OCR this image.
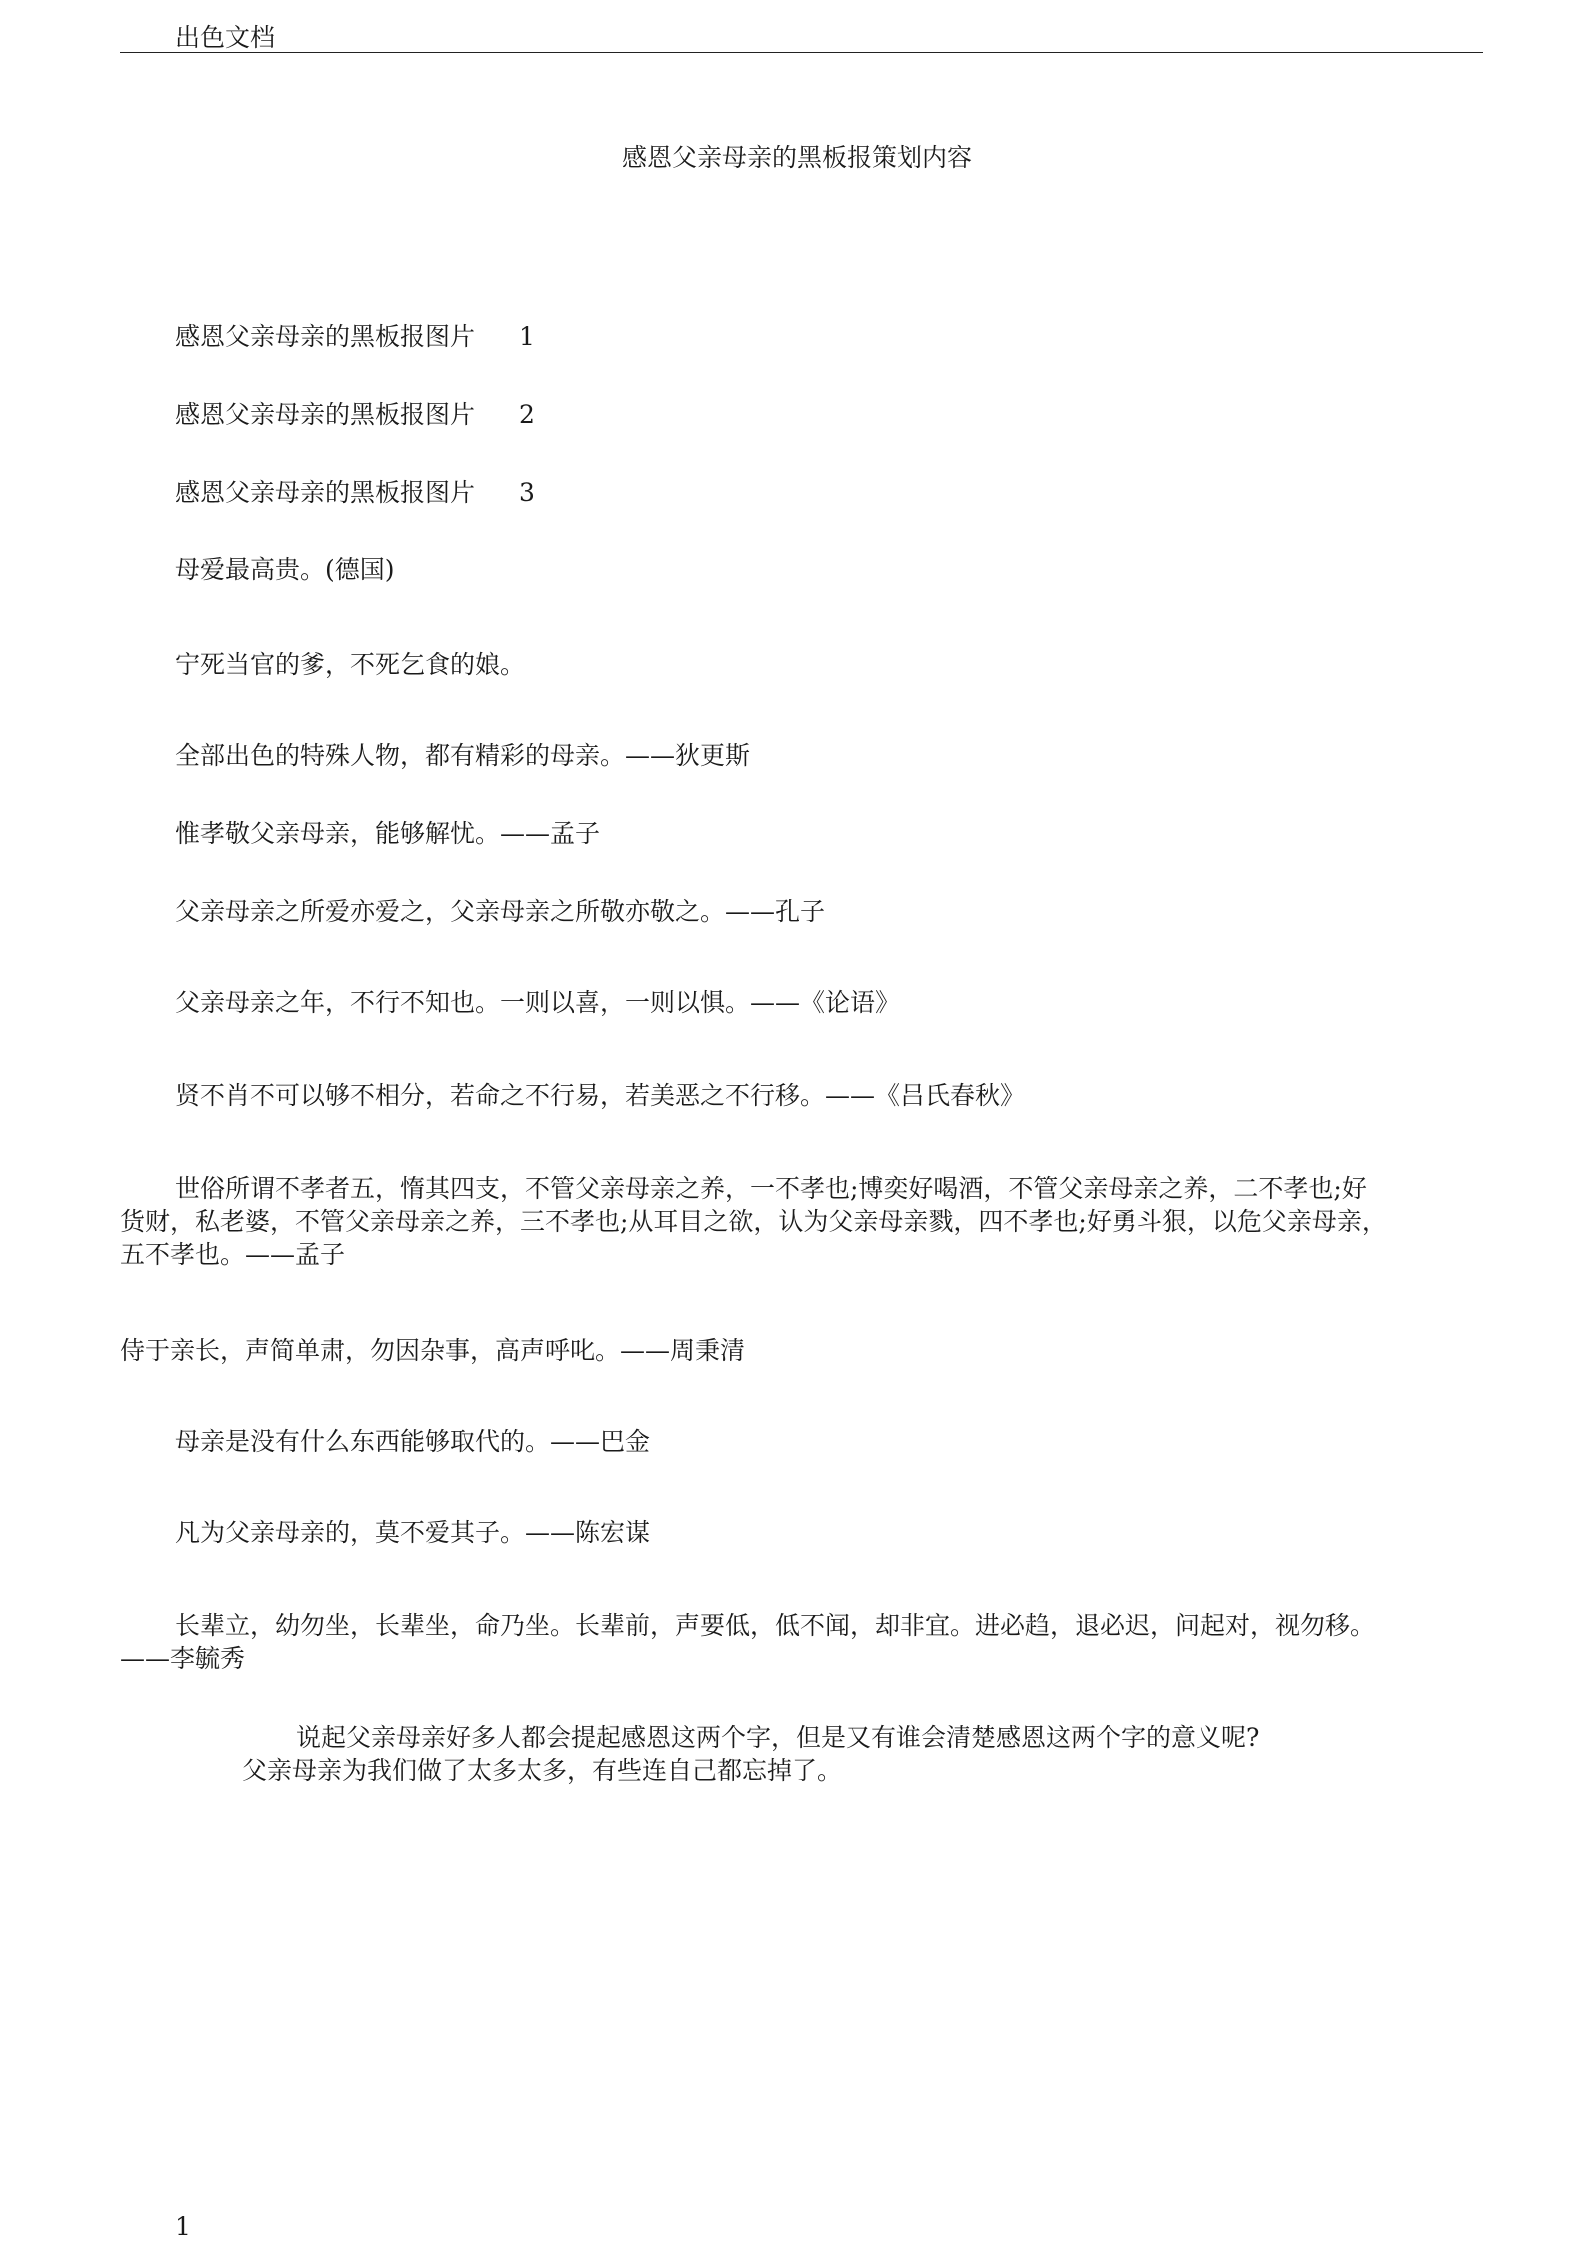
出色文档
感恩父亲母亲的黑板报策划内容
感恩父亲母亲的黑板报图片 1
感恩父亲母亲的黑板报图片 2
感恩父亲母亲的黑板报图片 3
母爱最高贵。(德国)
宁死当官的爹，不死乞食的娘。
全部出色的特殊人物，都有精彩的母亲。——狄更斯
惟孝敬父亲母亲，能够解忧。——孟子
父亲母亲之所爱亦爱之，父亲母亲之所敬亦敬之。——孔子
父亲母亲之年，不行不知也。一则以喜，一则以惧。——《论语》
贤不肖不可以够不相分，若命之不行易，若美恶之不行移。——《吕氏春秋》
世俗所谓不孝者五，惰其四支，不管父亲母亲之养，一不孝也;博奕好喝酒，不管父亲母亲之养，二不孝也;好
货财，私老婆，不管父亲母亲之养，三不孝也;从耳目之欲，认为父亲母亲戮，四不孝也;好勇斗狠，以危父亲母亲，
五不孝也。——孟子
侍于亲长，声简单肃，勿因杂事，高声呼叱。——周秉清
母亲是没有什么东西能够取代的。——巴金
凡为父亲母亲的，莫不爱其子。——陈宏谋
长辈立，幼勿坐，长辈坐，命乃坐。长辈前，声要低，低不闻，却非宜。进必趋，退必迟，问起对，视勿移。
——李毓秀
说起父亲母亲好多人都会提起感恩这两个字，但是又有谁会清楚感恩这两个字的意义呢?
父亲母亲为我们做了太多太多，有些连自己都忘掉了。
1
